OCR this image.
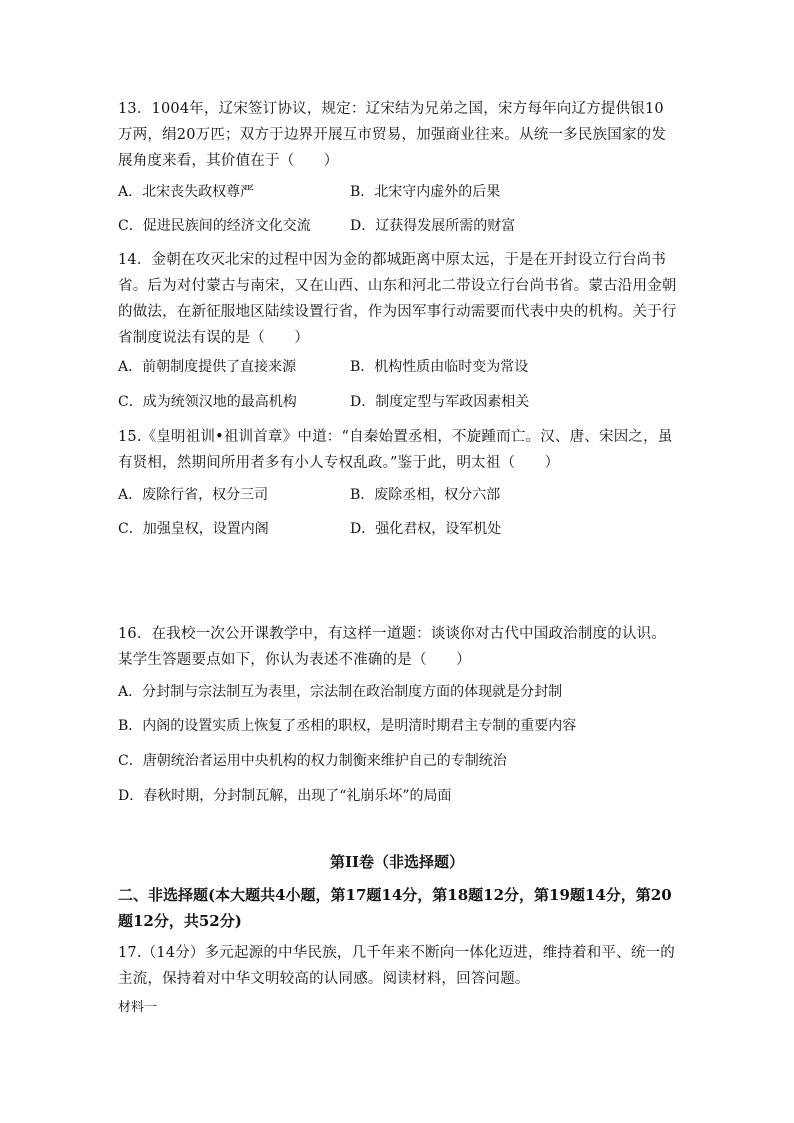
13．1004年，辽宋签订协议，规定：辽宋结为兄弟之国，宋方每年向辽方提供银10万两，绢20万匹；双方于边界开展互市贸易，加强商业往来。从统一多民族国家的发展角度来看，其价值在于（　　）

A．北宋丧失政权尊严	B．北宋守内虚外的后果

C．促进民族间的经济文化交流	D．辽获得发展所需的财富

14．金朝在攻灭北宋的过程中因为金的都城距离中原太远，于是在开封设立行台尚书省。后为对付蒙古与南宋，又在山西、山东和河北二带设立行台尚书省。蒙古沿用金朝的做法，在新征服地区陆续设置行省，作为因军事行动需要而代表中央的机构。关于行省制度说法有误的是（　　）

A．前朝制度提供了直接来源	B．机构性质由临时变为常设

C．成为统领汉地的最高机构	D．制度定型与军政因素相关

15.《皇明祖训•祖训首章》中道：“自秦始置丞相，不旋踵而亡。汉、唐、宋因之，虽有贤相，然期间所用者多有小人专权乱政。”鉴于此，明太祖（　　）

A．废除行省，权分三司	B．废除丞相，权分六部

C．加强皇权，设置内阁	D．强化君权，设军机处

16．在我校一次公开课教学中，有这样一道题：谈谈你对古代中国政治制度的认识。某学生答题要点如下，你认为表述不准确的是（　　）

A．分封制与宗法制互为表里，宗法制在政治制度方面的体现就是分封制

B．内阁的设置实质上恢复了丞相的职权，是明清时期君主专制的重要内容

C．唐朝统治者运用中央机构的权力制衡来维护自己的专制统治

D．春秋时期，分封制瓦解，出现了“礼崩乐坏”的局面

第II卷（非选择题）
二、非选择题(本大题共4小题，第17题14分，第18题12分，第19题14分，第20题12分，共52分)

17.（14分）多元起源的中华民族，几千年来不断向一体化迈进，维持着和平、统一的主流，保持着对中华文明较高的认同感。阅读材料，回答问题。

材料一
